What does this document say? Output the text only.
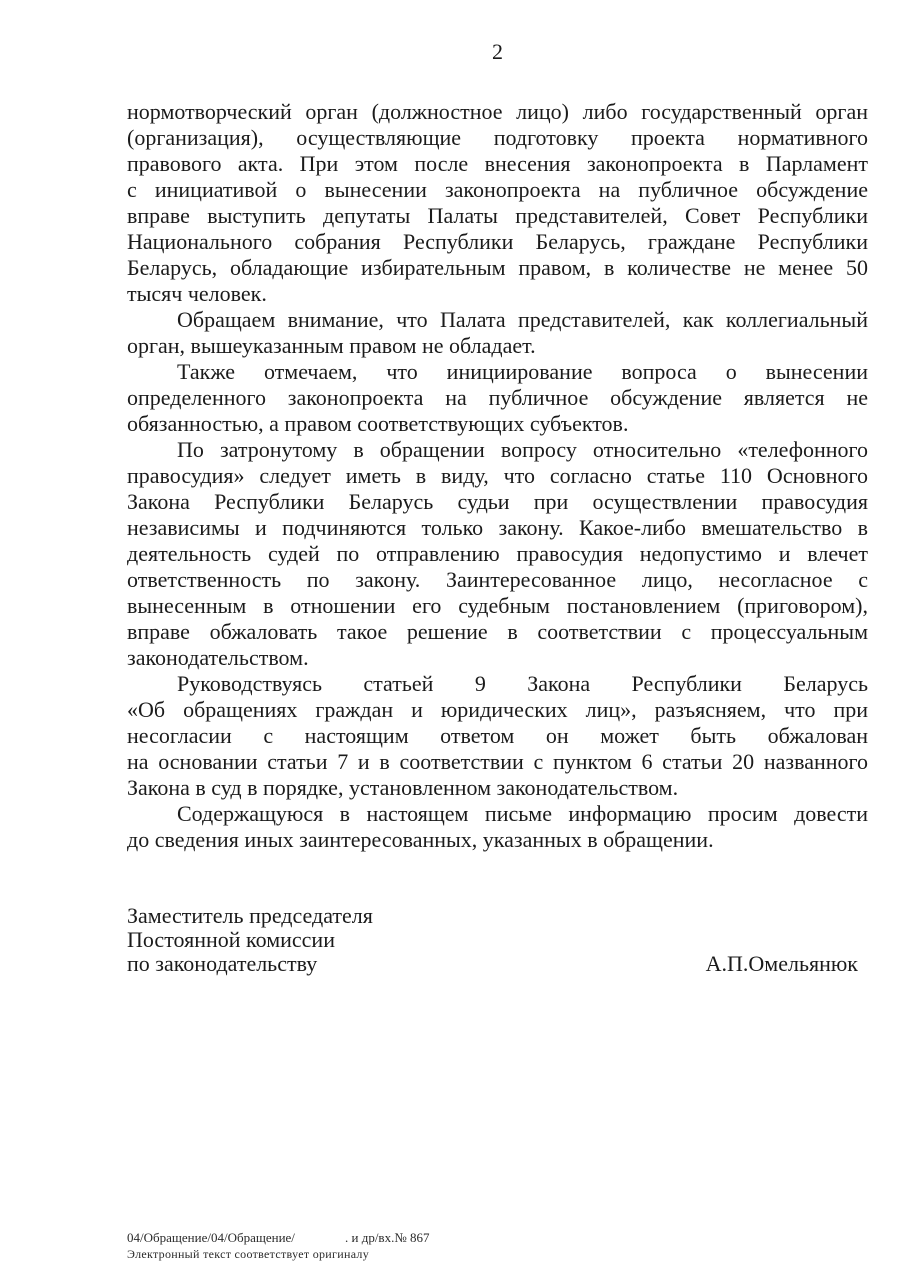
2
нормотворческий орган (должностное лицо) либо государственный орган
(организация), осуществляющие подготовку проекта нормативного
правового акта. При этом после внесения законопроекта в Парламент
с инициативой о вынесении законопроекта на публичное обсуждение
вправе выступить депутаты Палаты представителей, Совет Республики
Национального собрания Республики Беларусь, граждане Республики
Беларусь, обладающие избирательным правом, в количестве не менее 50
тысяч человек.
Обращаем внимание, что Палата представителей, как коллегиальный
орган, вышеуказанным правом не обладает.
Также отмечаем, что инициирование вопроса о вынесении
определенного законопроекта на публичное обсуждение является не
обязанностью, а правом соответствующих субъектов.
По затронутому в обращении вопросу относительно «телефонного
правосудия» следует иметь в виду, что согласно статье 110 Основного
Закона Республики Беларусь судьи при осуществлении правосудия
независимы и подчиняются только закону. Какое-либо вмешательство в
деятельность судей по отправлению правосудия недопустимо и влечет
ответственность по закону. Заинтересованное лицо, несогласное с
вынесенным в отношении его судебным постановлением (приговором),
вправе обжаловать такое решение в соответствии с процессуальным
законодательством.
Руководствуясь статьей 9 Закона Республики Беларусь
«Об обращениях граждан и юридических лиц», разъясняем, что при
несогласии с настоящим ответом он может быть обжалован
на основании статьи 7 и в соответствии с пунктом 6 статьи 20 названного
Закона в суд в порядке, установленном законодательством.
Содержащуюся в настоящем письме информацию просим довести
до сведения иных заинтересованных, указанных в обращении.
Заместитель председателя
Постоянной комиссии
по законодательству	А.П.Омельянюк
04/Обращение/04/Обращение/	. и др/вх.№ 867
Электронный текст соответствует оригиналу
